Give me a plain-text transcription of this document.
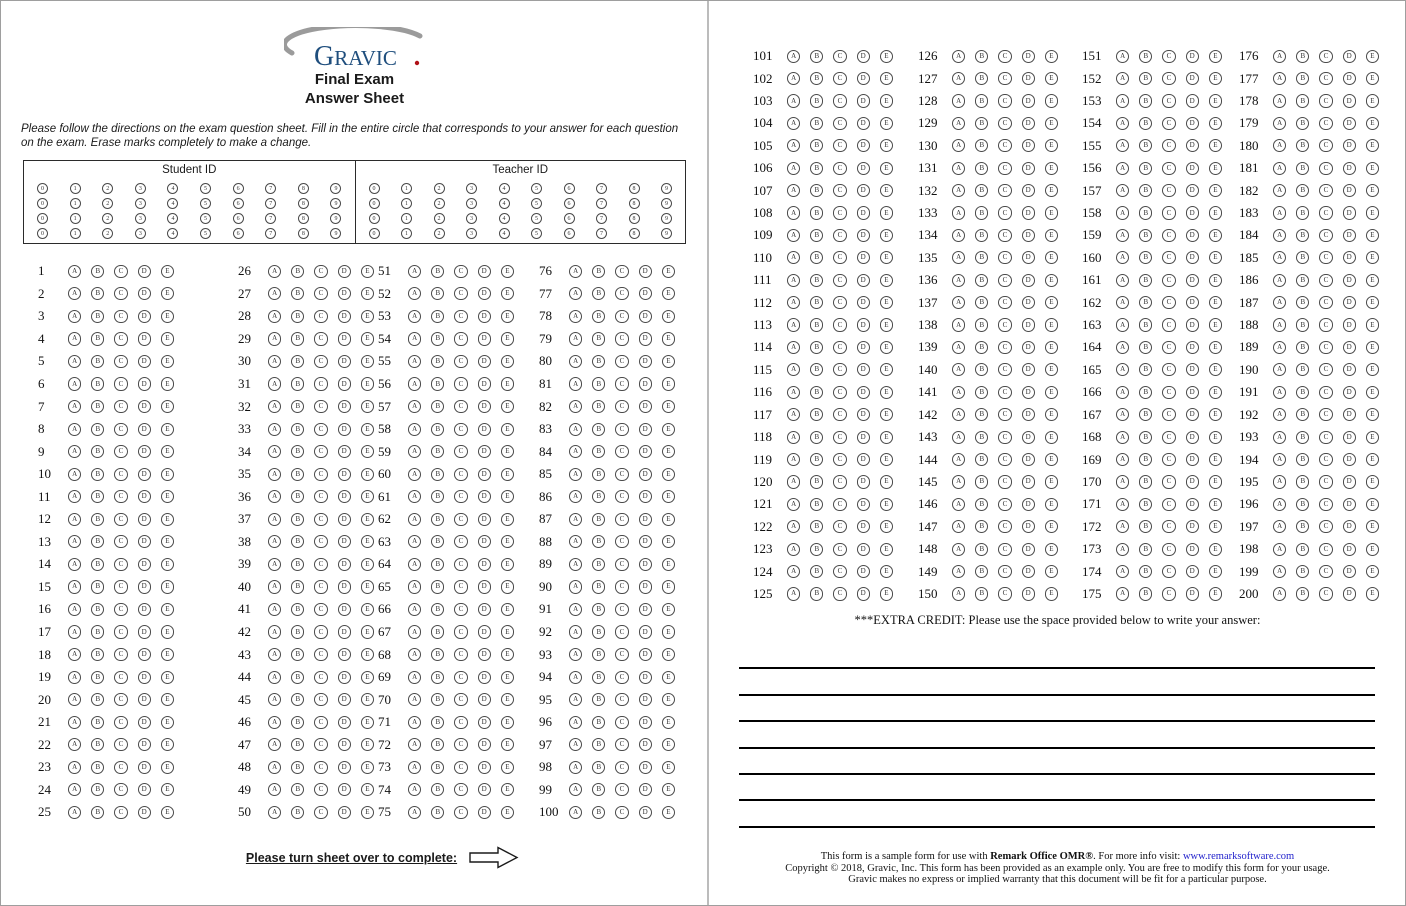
GRAVIC
Final Exam
Answer Sheet
Please follow the directions on the exam question sheet. Fill in the entire circle that corresponds to your answer for each question on the exam. Erase marks completely to make a change.
Student ID
0	1	2	3	4	5	6	7	8	9
0	1	2	3	4	5	6	7	8	9
0	1	2	3	4	5	6	7	8	9
0	1	2	3	4	5	6	7	8	9
Teacher ID
0	1	2	3	4	5	6	7	8	9
0	1	2	3	4	5	6	7	8	9
0	1	2	3	4	5	6	7	8	9
0	1	2	3	4	5	6	7	8	9
1	A	B	C	D	E
2	A	B	C	D	E
3	A	B	C	D	E
4	A	B	C	D	E
5	A	B	C	D	E
6	A	B	C	D	E
7	A	B	C	D	E
8	A	B	C	D	E
9	A	B	C	D	E
10	A	B	C	D	E
11	A	B	C	D	E
12	A	B	C	D	E
13	A	B	C	D	E
14	A	B	C	D	E
15	A	B	C	D	E
16	A	B	C	D	E
17	A	B	C	D	E
18	A	B	C	D	E
19	A	B	C	D	E
20	A	B	C	D	E
21	A	B	C	D	E
22	A	B	C	D	E
23	A	B	C	D	E
24	A	B	C	D	E
25	A	B	C	D	E
26	A	B	C	D	E
27	A	B	C	D	E
28	A	B	C	D	E
29	A	B	C	D	E
30	A	B	C	D	E
31	A	B	C	D	E
32	A	B	C	D	E
33	A	B	C	D	E
34	A	B	C	D	E
35	A	B	C	D	E
36	A	B	C	D	E
37	A	B	C	D	E
38	A	B	C	D	E
39	A	B	C	D	E
40	A	B	C	D	E
41	A	B	C	D	E
42	A	B	C	D	E
43	A	B	C	D	E
44	A	B	C	D	E
45	A	B	C	D	E
46	A	B	C	D	E
47	A	B	C	D	E
48	A	B	C	D	E
49	A	B	C	D	E
50	A	B	C	D	E
51	A	B	C	D	E
52	A	B	C	D	E
53	A	B	C	D	E
54	A	B	C	D	E
55	A	B	C	D	E
56	A	B	C	D	E
57	A	B	C	D	E
58	A	B	C	D	E
59	A	B	C	D	E
60	A	B	C	D	E
61	A	B	C	D	E
62	A	B	C	D	E
63	A	B	C	D	E
64	A	B	C	D	E
65	A	B	C	D	E
66	A	B	C	D	E
67	A	B	C	D	E
68	A	B	C	D	E
69	A	B	C	D	E
70	A	B	C	D	E
71	A	B	C	D	E
72	A	B	C	D	E
73	A	B	C	D	E
74	A	B	C	D	E
75	A	B	C	D	E
76	A	B	C	D	E
77	A	B	C	D	E
78	A	B	C	D	E
79	A	B	C	D	E
80	A	B	C	D	E
81	A	B	C	D	E
82	A	B	C	D	E
83	A	B	C	D	E
84	A	B	C	D	E
85	A	B	C	D	E
86	A	B	C	D	E
87	A	B	C	D	E
88	A	B	C	D	E
89	A	B	C	D	E
90	A	B	C	D	E
91	A	B	C	D	E
92	A	B	C	D	E
93	A	B	C	D	E
94	A	B	C	D	E
95	A	B	C	D	E
96	A	B	C	D	E
97	A	B	C	D	E
98	A	B	C	D	E
99	A	B	C	D	E
100	A	B	C	D	E
Please turn sheet over to complete:
101	A	B	C	D	E
102	A	B	C	D	E
103	A	B	C	D	E
104	A	B	C	D	E
105	A	B	C	D	E
106	A	B	C	D	E
107	A	B	C	D	E
108	A	B	C	D	E
109	A	B	C	D	E
110	A	B	C	D	E
111	A	B	C	D	E
112	A	B	C	D	E
113	A	B	C	D	E
114	A	B	C	D	E
115	A	B	C	D	E
116	A	B	C	D	E
117	A	B	C	D	E
118	A	B	C	D	E
119	A	B	C	D	E
120	A	B	C	D	E
121	A	B	C	D	E
122	A	B	C	D	E
123	A	B	C	D	E
124	A	B	C	D	E
125	A	B	C	D	E
126	A	B	C	D	E
127	A	B	C	D	E
128	A	B	C	D	E
129	A	B	C	D	E
130	A	B	C	D	E
131	A	B	C	D	E
132	A	B	C	D	E
133	A	B	C	D	E
134	A	B	C	D	E
135	A	B	C	D	E
136	A	B	C	D	E
137	A	B	C	D	E
138	A	B	C	D	E
139	A	B	C	D	E
140	A	B	C	D	E
141	A	B	C	D	E
142	A	B	C	D	E
143	A	B	C	D	E
144	A	B	C	D	E
145	A	B	C	D	E
146	A	B	C	D	E
147	A	B	C	D	E
148	A	B	C	D	E
149	A	B	C	D	E
150	A	B	C	D	E
151	A	B	C	D	E
152	A	B	C	D	E
153	A	B	C	D	E
154	A	B	C	D	E
155	A	B	C	D	E
156	A	B	C	D	E
157	A	B	C	D	E
158	A	B	C	D	E
159	A	B	C	D	E
160	A	B	C	D	E
161	A	B	C	D	E
162	A	B	C	D	E
163	A	B	C	D	E
164	A	B	C	D	E
165	A	B	C	D	E
166	A	B	C	D	E
167	A	B	C	D	E
168	A	B	C	D	E
169	A	B	C	D	E
170	A	B	C	D	E
171	A	B	C	D	E
172	A	B	C	D	E
173	A	B	C	D	E
174	A	B	C	D	E
175	A	B	C	D	E
176	A	B	C	D	E
177	A	B	C	D	E
178	A	B	C	D	E
179	A	B	C	D	E
180	A	B	C	D	E
181	A	B	C	D	E
182	A	B	C	D	E
183	A	B	C	D	E
184	A	B	C	D	E
185	A	B	C	D	E
186	A	B	C	D	E
187	A	B	C	D	E
188	A	B	C	D	E
189	A	B	C	D	E
190	A	B	C	D	E
191	A	B	C	D	E
192	A	B	C	D	E
193	A	B	C	D	E
194	A	B	C	D	E
195	A	B	C	D	E
196	A	B	C	D	E
197	A	B	C	D	E
198	A	B	C	D	E
199	A	B	C	D	E
200	A	B	C	D	E
***EXTRA CREDIT: Please use the space provided below to write your answer:
This form is a sample form for use with Remark Office OMR®. For more info visit: www.remarksoftware.com
Copyright © 2018, Gravic, Inc. This form has been provided as an example only. You are free to modify this form for your usage.
Gravic makes no express or implied warranty that this document will be fit for a particular purpose.
